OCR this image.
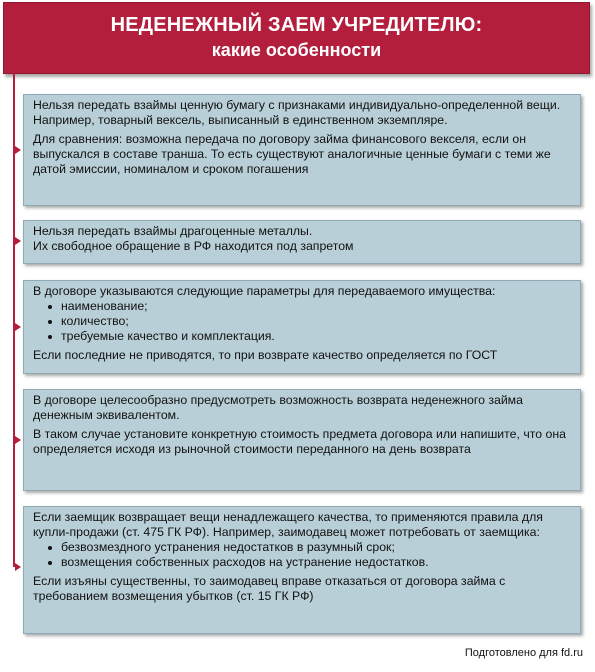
НЕДЕНЕЖНЫЙ ЗАЕМ УЧРЕДИТЕЛЮ:
какие особенности

Нельзя передать взаймы ценную бумагу с признаками индивидуально-определенной вещи. Например, товарный вексель, выписанный в единственном экземпляре.

Для сравнения: возможна передача по договору займа финансового векселя, если он выпускался в составе транша. То есть существуют аналогичные ценные бумаги с теми же датой эмиссии, номиналом и сроком погашения

Нельзя передать взаймы драгоценные металлы.

Их свободное обращение в РФ находится под запретом

В договоре указываются следующие параметры для передаваемого имущества:

наименование;
количество;
требуемые качество и комплектация.

Если последние не приводятся, то при возврате качество определяется по ГОСТ

В договоре целесообразно предусмотреть возможность возврата неденежного займа денежным эквивалентом.

В таком случае установите конкретную стоимость предмета договора или напишите, что она определяется исходя из рыночной стоимости переданного на день возврата

Если заемщик возвращает вещи ненадлежащего качества, то применяются правила для купли-продажи (ст. 475 ГК РФ). Например, заимодавец может потребовать от заемщика:

безвозмездного устранения недостатков в разумный срок;
возмещения собственных расходов на устранение недостатков.

Если изъяны существенны, то заимодавец вправе отказаться от договора займа с требованием возмещения убытков (ст. 15 ГК РФ)

Подготовлено для fd.ru
